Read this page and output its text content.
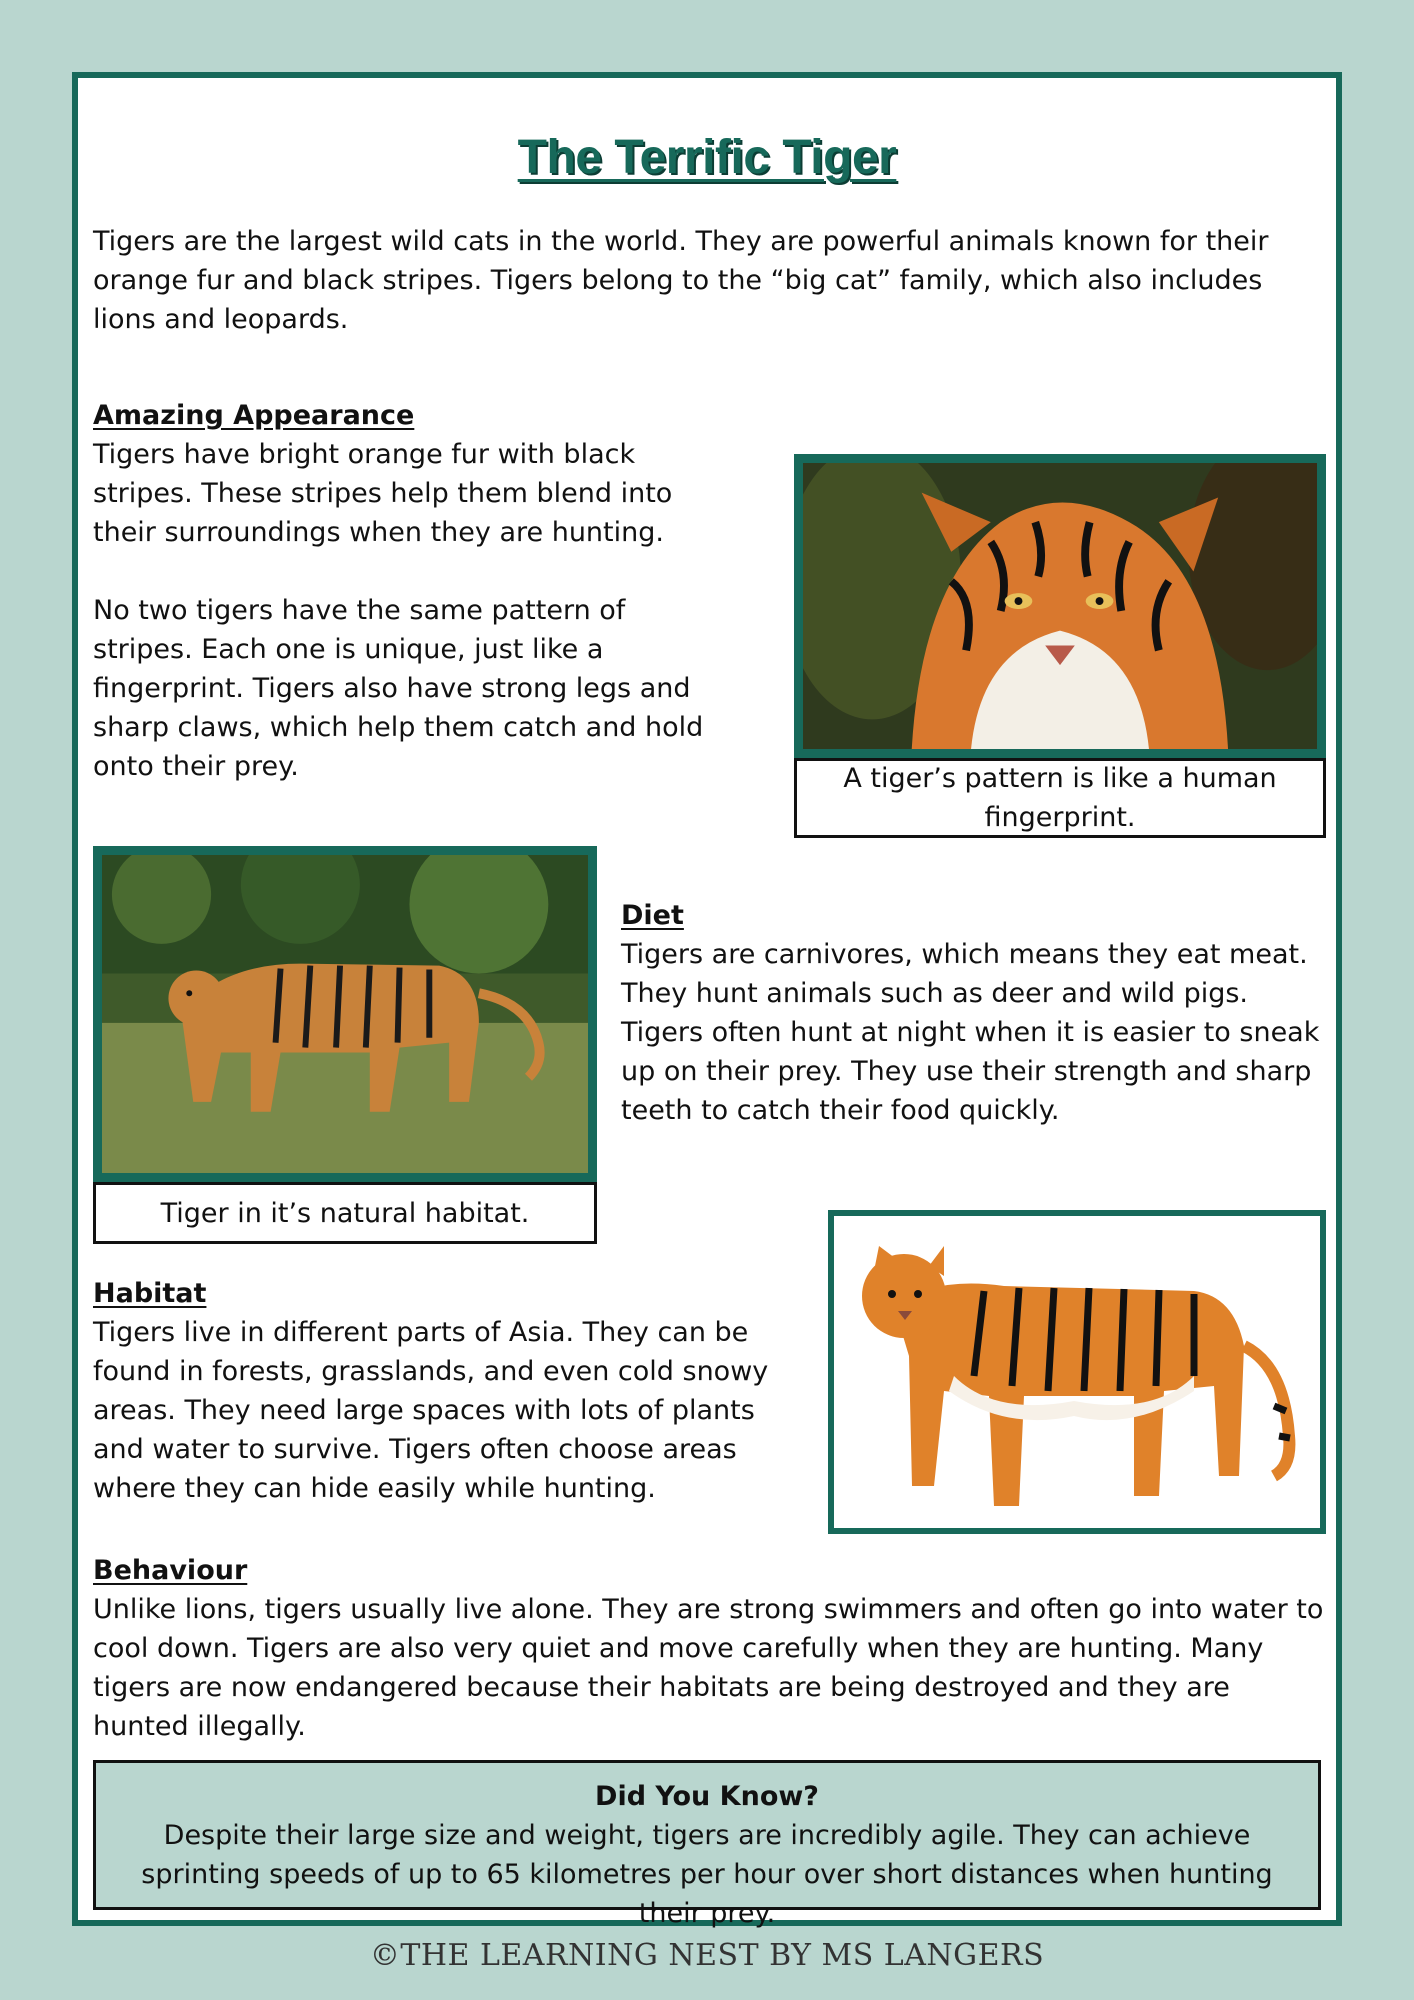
The Terrific Tiger

Tigers are the largest wild cats in the world. They are powerful animals known for their orange fur and black stripes. Tigers belong to the “big cat” family, which also includes lions and leopards.

Amazing Appearance

Tigers have bright orange fur with black stripes. These stripes help them blend into their surroundings when they are hunting.

No two tigers have the same pattern of stripes. Each one is unique, just like a fingerprint. Tigers also have strong legs and sharp claws, which help them catch and hold onto their prey.	A tiger’s pattern is like a human fingerprint.
Tiger in it’s natural habitat.

Diet

Tigers are carnivores, which means they eat meat. They hunt animals such as deer and wild pigs. Tigers often hunt at night when it is easier to sneak up on their prey. They use their strength and sharp teeth to catch their food quickly.

Habitat

Tigers live in different parts of Asia. They can be found in forests, grasslands, and even cold snowy areas. They need large spaces with lots of plants and water to survive. Tigers often choose areas where they can hide easily while hunting.

Behaviour

Unlike lions, tigers usually live alone. They are strong swimmers and often go into water to cool down. Tigers are also very quiet and move carefully when they are hunting. Many tigers are now endangered because their habitats are being destroyed and they are hunted illegally.

Did You Know?
Despite their large size and weight, tigers are incredibly agile. They can achieve sprinting speeds of up to 65 kilometres per hour over short distances when hunting their prey.
©THE LEARNING NEST BY MS LANGERS
